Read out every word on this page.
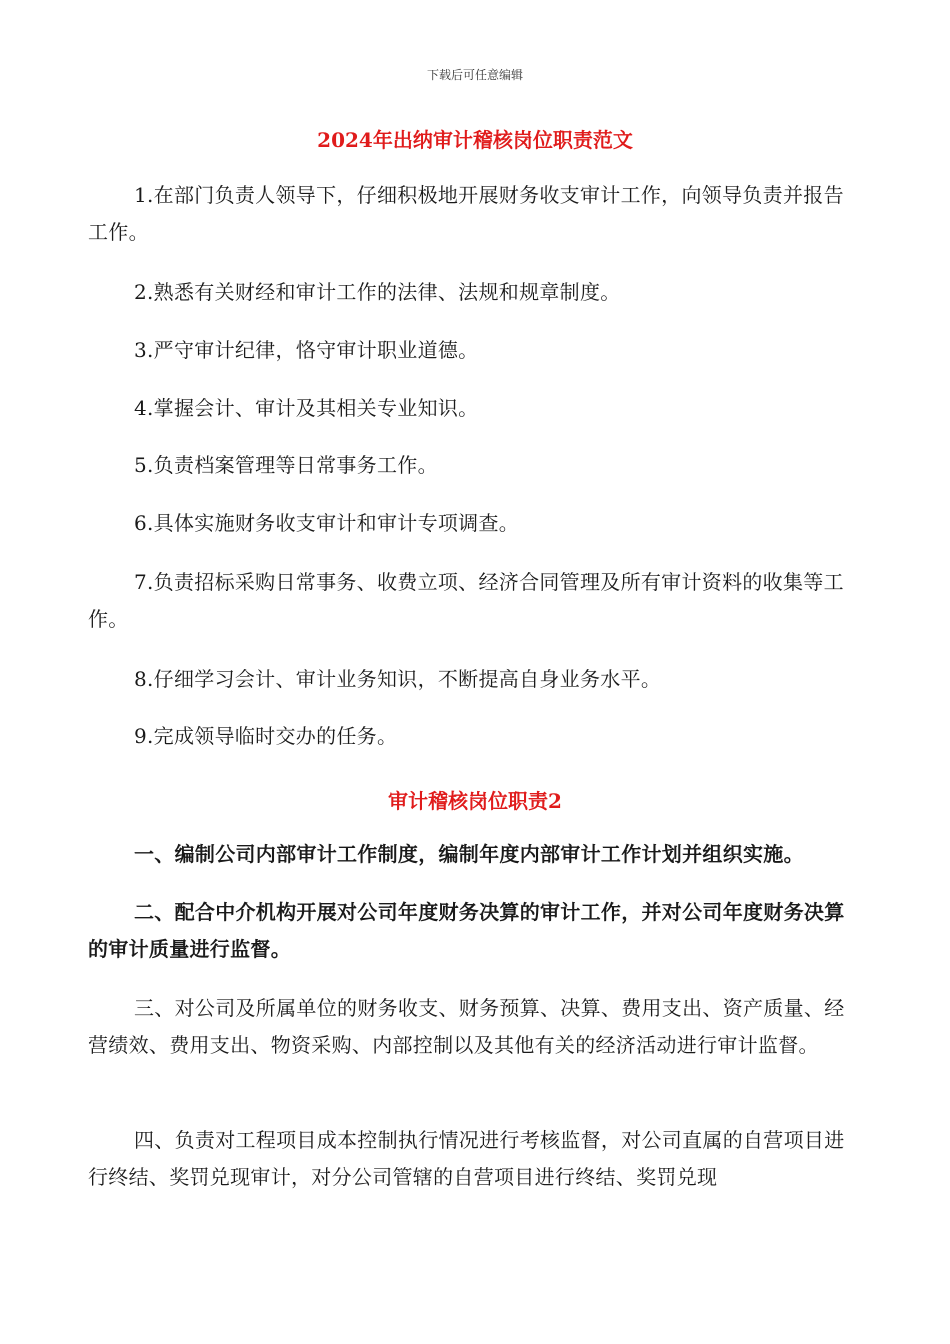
下载后可任意编辑
2024年出纳审计稽核岗位职责范文

1.在部门负责人领导下，仔细积极地开展财务收支审计工作，向领导负责并报告工作。

2.熟悉有关财经和审计工作的法律、法规和规章制度。

3.严守审计纪律，恪守审计职业道德。

4.掌握会计、审计及其相关专业知识。

5.负责档案管理等日常事务工作。

6.具体实施财务收支审计和审计专项调查。

7.负责招标采购日常事务、收费立项、经济合同管理及所有审计资料的收集等工作。

8.仔细学习会计、审计业务知识，不断提高自身业务水平。

9.完成领导临时交办的任务。

审计稽核岗位职责2

一、编制公司内部审计工作制度，编制年度内部审计工作计划并组织实施。

二、配合中介机构开展对公司年度财务决算的审计工作，并对公司年度财务决算的审计质量进行监督。

三、对公司及所属单位的财务收支、财务预算、决算、费用支出、资产质量、经营绩效、费用支出、物资采购、内部控制以及其他有关的经济活动进行审计监督。

四、负责对工程项目成本控制执行情况进行考核监督，对公司直属的自营项目进行终结、奖罚兑现审计，对分公司管辖的自营项目进行终结、奖罚兑现
